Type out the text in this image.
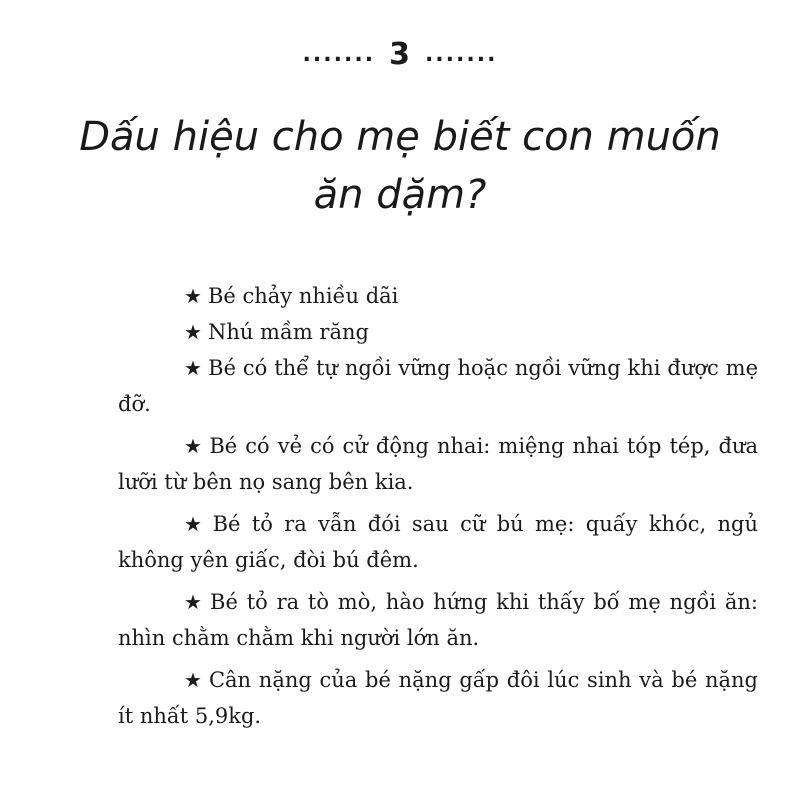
....... 3 .......
Dấu hiệu cho mẹ biết con muốn
ăn dặm?

★ Bé chảy nhiều dãi

★ Nhú mầm răng

★ Bé có thể tự ngồi vững hoặc ngồi vững khi được mẹ đỡ.

★ Bé có vẻ có cử động nhai: miệng nhai tóp tép, đưa lưỡi từ bên nọ sang bên kia.

★ Bé tỏ ra vẫn đói sau cữ bú mẹ: quấy khóc, ngủ không yên giấc, đòi bú đêm.

★ Bé tỏ ra tò mò, hào hứng khi thấy bố mẹ ngồi ăn: nhìn chằm chằm khi người lớn ăn.

★ Cân nặng của bé nặng gấp đôi lúc sinh và bé nặng ít nhất 5,9kg.
